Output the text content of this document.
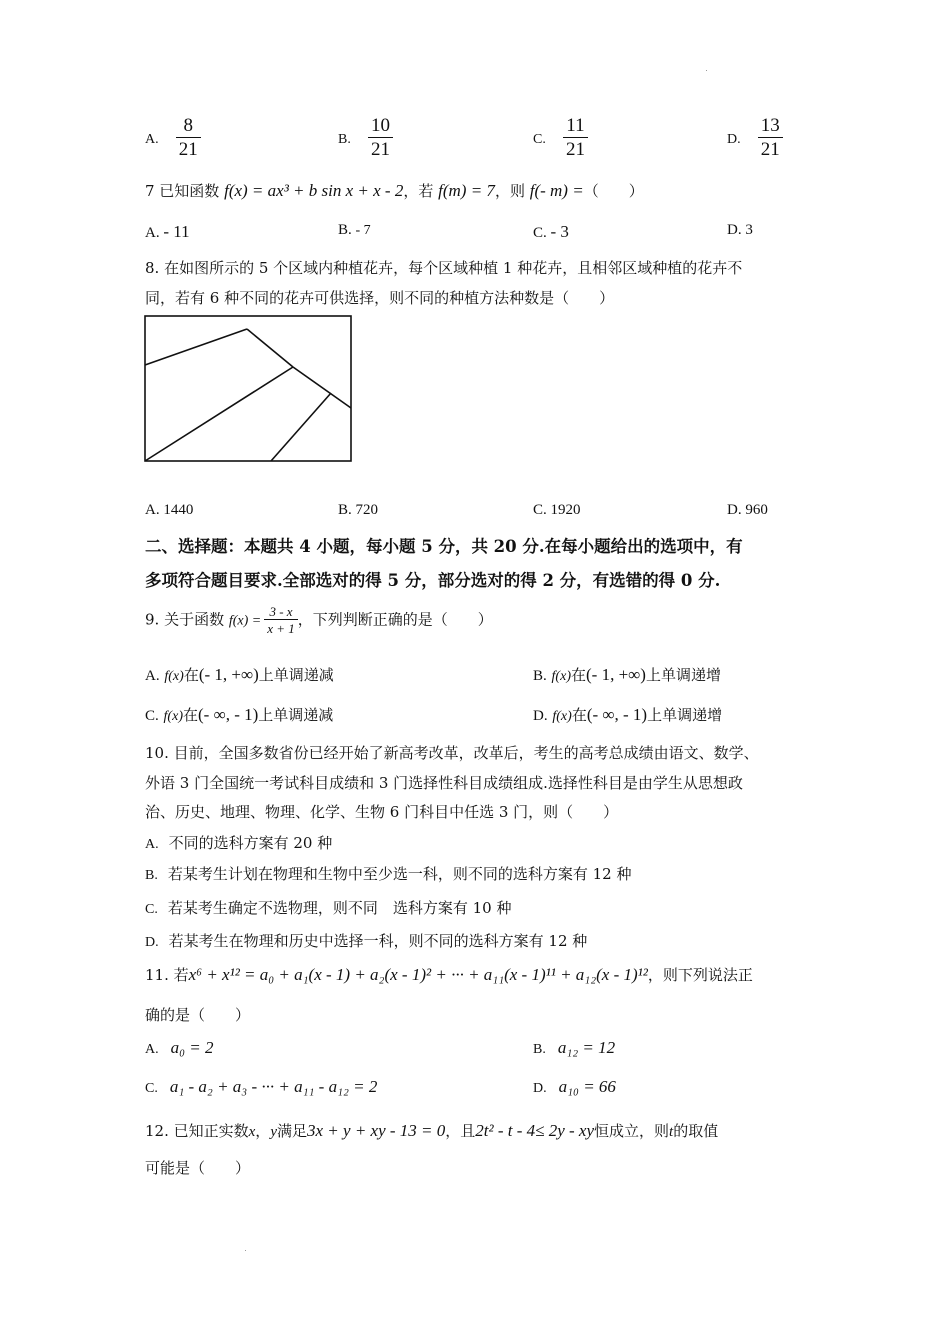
A. $\frac{8}{21}$	B. $\frac{10}{21}$	C. $\frac{11}{21}$	D. $\frac{13}{21}$
7 已知函数 f(x) = ax³ + b sin x + x - 2，若 f(m) = 7，则 f(- m) =（　　）
A. - 11	B. - 7	C. - 3	D. 3
8. 在如图所示的 5 个区域内种植花卉，每个区域种植 1 种花卉，且相邻区域种植的花卉不
同，若有 6 种不同的花卉可供选择，则不同的种植方法种数是（　　）
A. 1440	B. 720	C. 1920	D. 960
二、选择题：本题共 4 小题，每小题 5 分，共 20 分.在每小题给出的选项中，有
多项符合题目要求.全部选对的得 5 分，部分选对的得 2 分，有选错的得 0 分.
9. 关于函数 $f(x) = \frac{3 - x}{x + 1}$ ，下列判断正确的是（　　）
A. f(x)在(- 1, +∞)上单调递减	B. f(x)在(- 1, +∞)上单调递增
C. f(x)在(- ∞, - 1)上单调递减	D. f(x)在(- ∞, - 1)上单调递增
10. 目前，全国多数省份已经开始了新高考改革，改革后，考生的高考总成绩由语文、数学、
外语 3 门全国统一考试科目成绩和 3 门选择性科目成绩组成.选择性科目是由学生从思想政
治、历史、地理、物理、化学、生物 6 门科目中任选 3 门，则（　　）
A. 不同的选科方案有 20 种
B. 若某考生计划在物理和生物中至少选一科，则不同的选科方案有 12 种
C. 若某考生确定不选物理，则不同　选科方案有 10 种
D. 若某考生在物理和历史中选择一科，则不同的选科方案有 12 种
11. 若x⁶ + x¹² = a₀ + a₁(x - 1) + a₂(x - 1)² + ··· + a₁₁(x - 1)¹¹ + a₁₂(x - 1)¹²，则下列说法正
确的是（　　）
A. a₀ = 2	B. a₁₂ = 12
C. a₁ - a₂ + a₃ - ··· + a₁₁ - a₁₂ = 2	D. a₁₀ = 66
12. 已知正实数x，y满足3x + y + xy - 13 = 0，且2t² - t - 4≤ 2y - xy恒成立，则t的取值
可能是（　　）
